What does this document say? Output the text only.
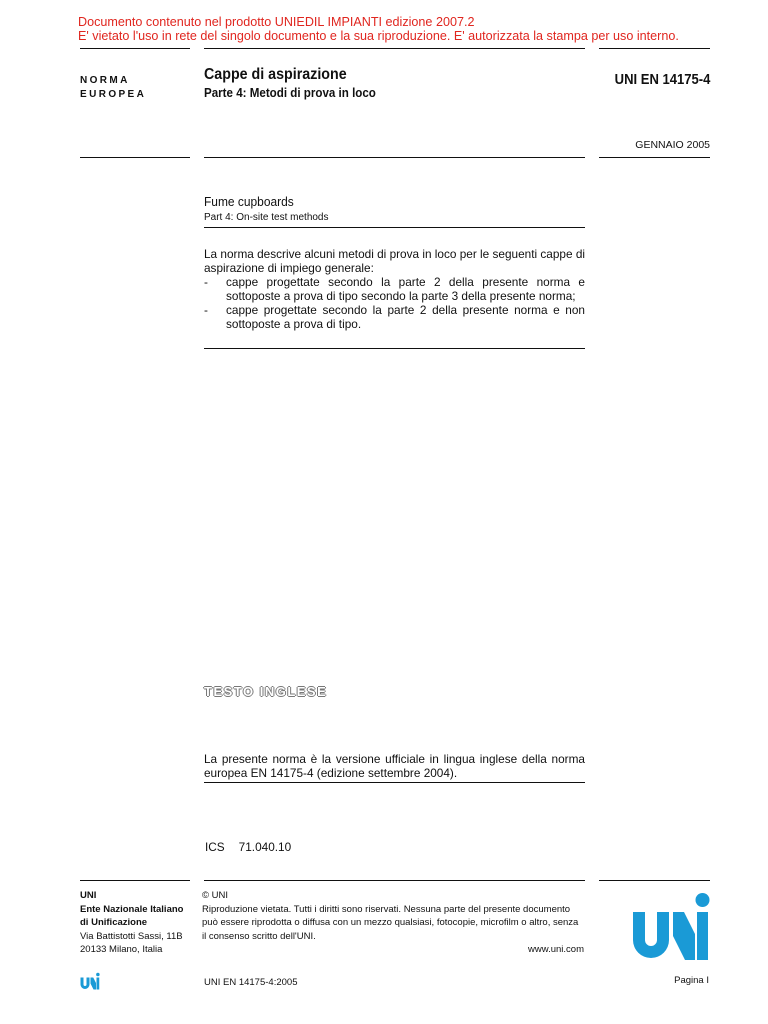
Documento contenuto nel prodotto UNIEDIL IMPIANTI edizione 2007.2
E' vietato l'uso in rete del singolo documento e la sua riproduzione. E' autorizzata la stampa per uso interno.
NORMA
EUROPEA
Cappe di aspirazione
Parte 4: Metodi di prova in loco
UNI EN 14175-4
GENNAIO 2005
Fume cupboards
Part 4: On-site test methods
La norma descrive alcuni metodi di prova in loco per le seguenti cappe di aspirazione di impiego generale:
- cappe progettate secondo la parte 2 della presente norma e sottoposte a prova di tipo secondo la parte 3 della presente norma;
- cappe progettate secondo la parte 2 della presente norma e non sottoposte a prova di tipo.
TESTO INGLESE
La presente norma è la versione ufficiale in lingua inglese della norma europea EN 14175-4 (edizione settembre 2004).
ICS 71.040.10
UNI
Ente Nazionale Italiano
di Unificazione
Via Battistotti Sassi, 11B
20133 Milano, Italia
© UNI
Riproduzione vietata. Tutti i diritti sono riservati. Nessuna parte del presente documento può essere riprodotta o diffusa con un mezzo qualsiasi, fotocopie, microfilm o altro, senza il consenso scritto dell'UNI.
www.uni.com
UNI EN 14175-4:2005	Pagina I
